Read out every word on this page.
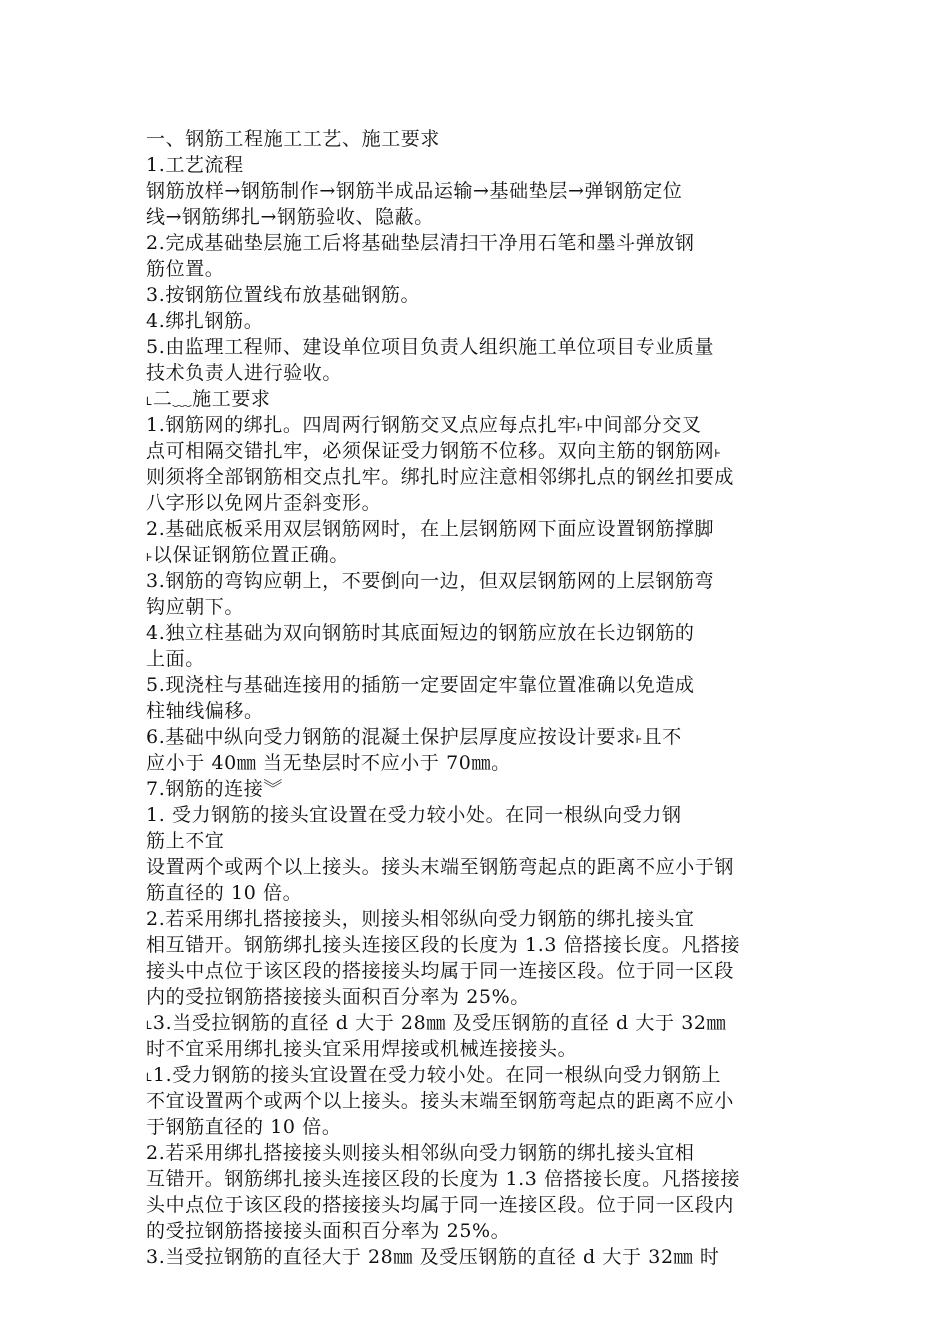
一、钢筋工程施工工艺、施工要求
1.工艺流程
钢筋放样→钢筋制作→钢筋半成品运输→基础垫层→弹钢筋定位
线→钢筋绑扎→钢筋验收、隐蔽。
2.完成基础垫层施工后将基础垫层清扫干净用石笔和墨斗弹放钢
筋位置。
3.按钢筋位置线布放基础钢筋。
4.绑扎钢筋。
5.由监理工程师、建设单位项目负责人组织施工单位项目专业质量
技术负责人进行验收。
˪二﹏施工要求
1.钢筋网的绑扎。四周两行钢筋交叉点应每点扎牢˫中间部分交叉
点可相隔交错扎牢，必须保证受力钢筋不位移。双向主筋的钢筋网˫
则须将全部钢筋相交点扎牢。绑扎时应注意相邻绑扎点的钢丝扣要成
八字形以免网片歪斜变形。
2.基础底板采用双层钢筋网时，在上层钢筋网下面应设置钢筋撑脚
˫以保证钢筋位置正确。
3.钢筋的弯钩应朝上，不要倒向一边，但双层钢筋网的上层钢筋弯
钩应朝下。
4.独立柱基础为双向钢筋时其底面短边的钢筋应放在长边钢筋的
上面。
5.现浇柱与基础连接用的插筋一定要固定牢靠位置准确以免造成
柱轴线偏移。
6.基础中纵向受力钢筋的混凝土保护层厚度应按设计要求˫且不
应小于 40㎜ 当无垫层时不应小于 70㎜。
7.钢筋的连接︾
1. 受力钢筋的接头宜设置在受力较小处。在同一根纵向受力钢
筋上不宜
设置两个或两个以上接头。接头末端至钢筋弯起点的距离不应小于钢
筋直径的 10 倍。
2.若采用绑扎搭接接头，则接头相邻纵向受力钢筋的绑扎接头宜
相互错开。钢筋绑扎接头连接区段的长度为 1.3 倍搭接长度。凡搭接
接头中点位于该区段的搭接接头均属于同一连接区段。位于同一区段
内的受拉钢筋搭接接头面积百分率为 25%。
˪3.当受拉钢筋的直径 d 大于 28㎜ 及受压钢筋的直径 d 大于 32㎜
时不宜采用绑扎接头宜采用焊接或机械连接接头。
˪1.受力钢筋的接头宜设置在受力较小处。在同一根纵向受力钢筋上
不宜设置两个或两个以上接头。接头末端至钢筋弯起点的距离不应小
于钢筋直径的 10 倍。
2.若采用绑扎搭接接头则接头相邻纵向受力钢筋的绑扎接头宜相
互错开。钢筋绑扎接头连接区段的长度为 1.3 倍搭接长度。凡搭接接
头中点位于该区段的搭接接头均属于同一连接区段。位于同一区段内
的受拉钢筋搭接接头面积百分率为 25%。
3.当受拉钢筋的直径大于 28㎜ 及受压钢筋的直径 d 大于 32㎜ 时
